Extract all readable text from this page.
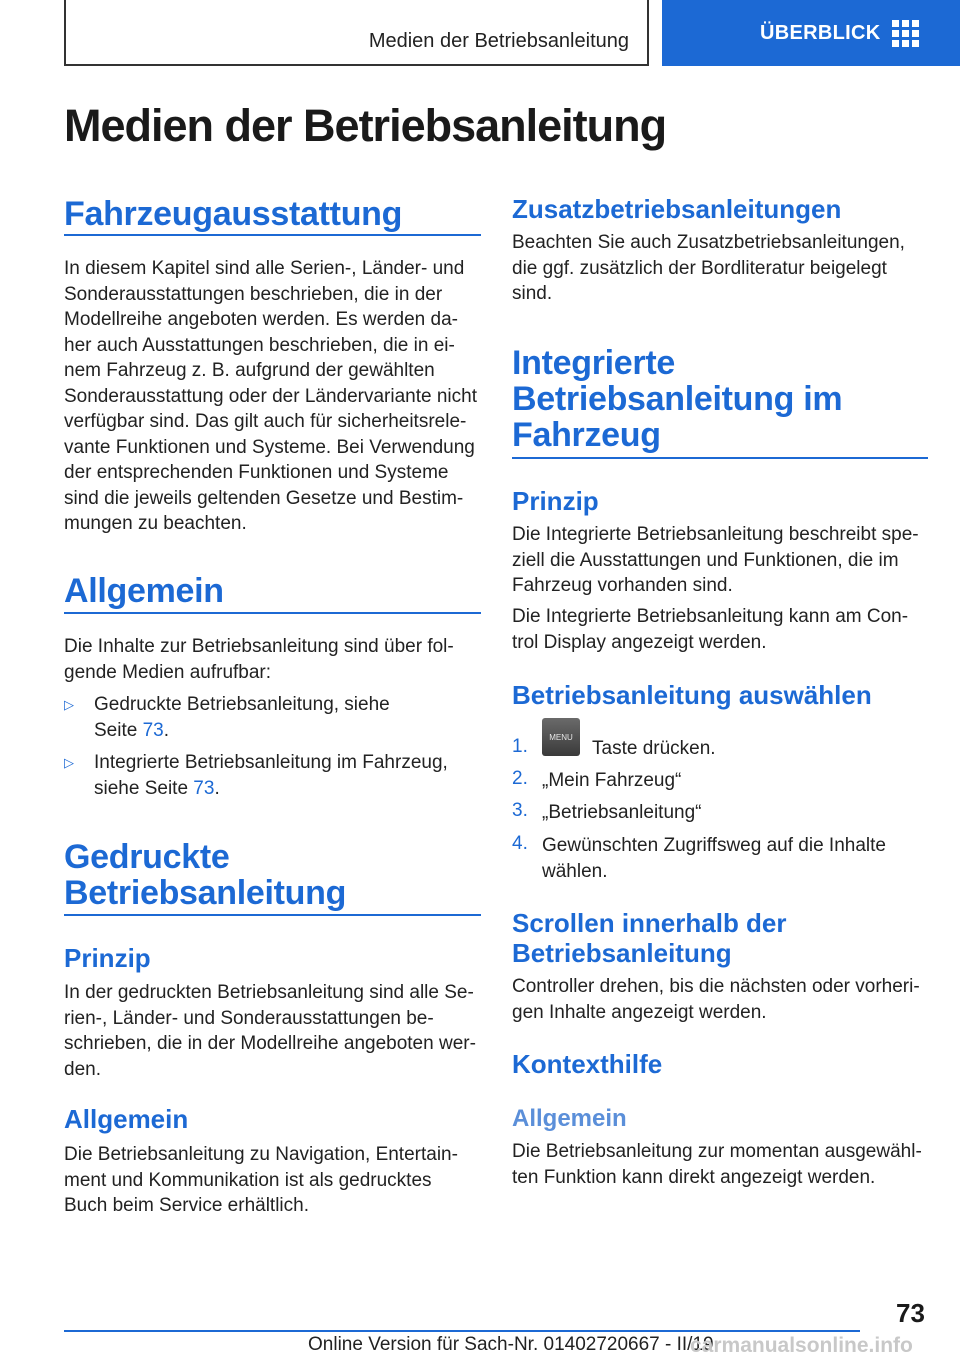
Medien der Betriebsanleitung	ÜBERBLICK
Medien der Betriebsanleitung
Fahrzeugausstattung
In diesem Kapitel sind alle Serien-, Länder- und
Sonderausstattungen beschrieben, die in der
Modellreihe angeboten werden. Es werden da-
her auch Ausstattungen beschrieben, die in ei-
nem Fahrzeug z. B. aufgrund der gewählten
Sonderausstattung oder der Ländervariante nicht
verfügbar sind. Das gilt auch für sicherheitsrele-
vante Funktionen und Systeme. Bei Verwendung
der entsprechenden Funktionen und Systeme
sind die jeweils geltenden Gesetze und Bestim-
mungen zu beachten.
Allgemein
Die Inhalte zur Betriebsanleitung sind über fol-
gende Medien aufrufbar:
▷ Gedruckte Betriebsanleitung, siehe
Seite 73.
▷ Integrierte Betriebsanleitung im Fahrzeug,
siehe Seite 73.
Gedruckte
Betriebsanleitung
Prinzip
In der gedruckten Betriebsanleitung sind alle Se-
rien-, Länder- und Sonderausstattungen be-
schrieben, die in der Modellreihe angeboten wer-
den.
Allgemein
Die Betriebsanleitung zu Navigation, Entertain-
ment und Kommunikation ist als gedrucktes
Buch beim Service erhältlich.
Zusatzbetriebsanleitungen
Beachten Sie auch Zusatzbetriebsanleitungen,
die ggf. zusätzlich der Bordliteratur beigelegt
sind.
Integrierte
Betriebsanleitung im
Fahrzeug
Prinzip
Die Integrierte Betriebsanleitung beschreibt spe-
ziell die Ausstattungen und Funktionen, die im
Fahrzeug vorhanden sind.
Die Integrierte Betriebsanleitung kann am Con-
trol Display angezeigt werden.
Betriebsanleitung auswählen
1.	MENU
Taste drücken.
2. „Mein Fahrzeug“
3. „Betriebsanleitung“
4. Gewünschten Zugriffsweg auf die Inhalte
wählen.
Scrollen innerhalb der
Betriebsanleitung
Controller drehen, bis die nächsten oder vorheri-
gen Inhalte angezeigt werden.
Kontexthilfe
Allgemein
Die Betriebsanleitung zur momentan ausgewähl-
ten Funktion kann direkt angezeigt werden.
73
Online Version für Sach-Nr. 01402720667 - II/19
carmanualsonline.info
